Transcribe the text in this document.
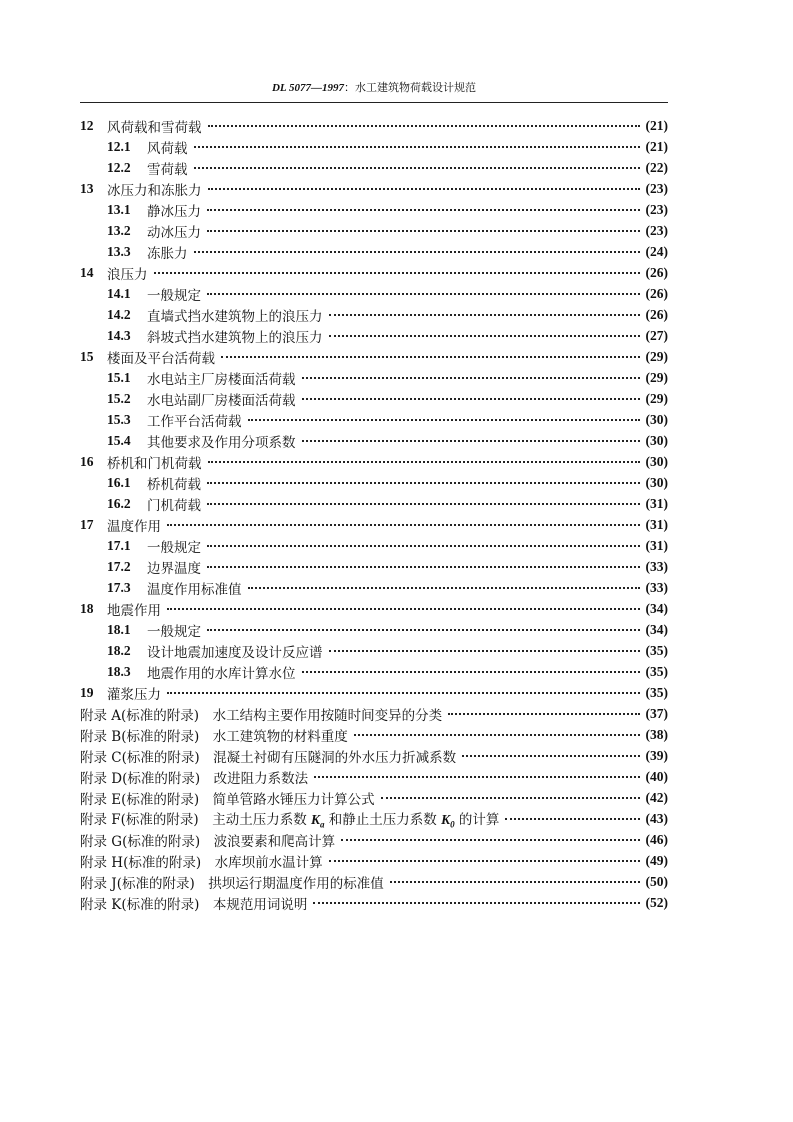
DL 5077—1997：水工建筑物荷载设计规范
12	风荷载和雪荷载	(21)
12.1	风荷载	(21)
12.2	雪荷载	(22)
13	冰压力和冻胀力	(23)
13.1	静冰压力	(23)
13.2	动冰压力	(23)
13.3	冻胀力	(24)
14	浪压力	(26)
14.1	一般规定	(26)
14.2	直墙式挡水建筑物上的浪压力	(26)
14.3	斜坡式挡水建筑物上的浪压力	(27)
15	楼面及平台活荷载	(29)
15.1	水电站主厂房楼面活荷载	(29)
15.2	水电站副厂房楼面活荷载	(29)
15.3	工作平台活荷载	(30)
15.4	其他要求及作用分项系数	(30)
16	桥机和门机荷载	(30)
16.1	桥机荷载	(30)
16.2	门机荷载	(31)
17	温度作用	(31)
17.1	一般规定	(31)
17.2	边界温度	(33)
17.3	温度作用标准值	(33)
18	地震作用	(34)
18.1	一般规定	(34)
18.2	设计地震加速度及设计反应谱	(35)
18.3	地震作用的水库计算水位	(35)
19	灌浆压力	(35)
附录 A(标准的附录)　水工结构主要作用按随时间变异的分类	(37)
附录 B(标准的附录)　水工建筑物的材料重度	(38)
附录 C(标准的附录)　混凝土衬砌有压隧洞的外水压力折减系数	(39)
附录 D(标准的附录)　改进阻力系数法	(40)
附录 E(标准的附录)　简单管路水锤压力计算公式	(42)
附录 F(标准的附录)　主动土压力系数 $K_a$ 和静止土压力系数 $K_0$ 的计算	(43)
附录 G(标准的附录)　波浪要素和爬高计算	(46)
附录 H(标准的附录)　水库坝前水温计算	(49)
附录 J(标准的附录)　拱坝运行期温度作用的标准值	(50)
附录 K(标准的附录)　本规范用词说明	(52)
